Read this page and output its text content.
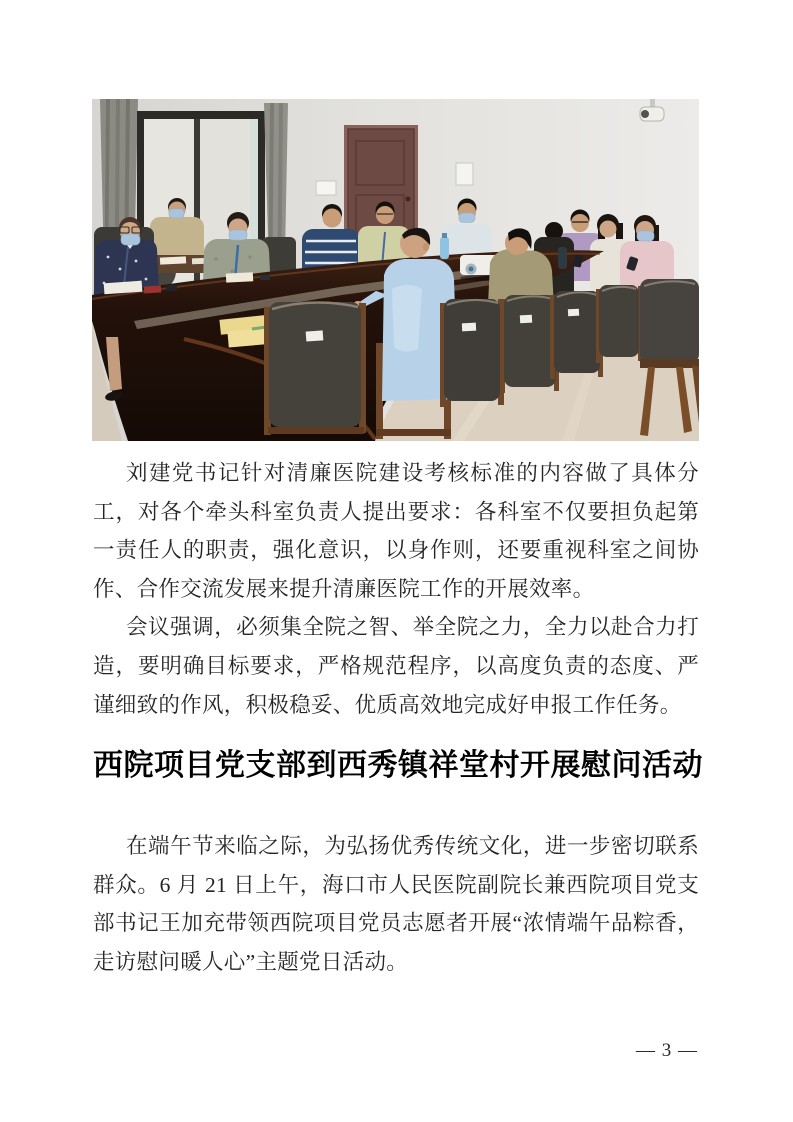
刘建党书记针对清廉医院建设考核标准的内容做了具体分工，对各个牵头科室负责人提出要求：各科室不仅要担负起第一责任人的职责，强化意识，以身作则，还要重视科室之间协作、合作交流发展来提升清廉医院工作的开展效率。

会议强调，必须集全院之智、举全院之力，全力以赴合力打造，要明确目标要求，严格规范程序，以高度负责的态度、严谨细致的作风，积极稳妥、优质高效地完成好申报工作任务。

西院项目党支部到西秀镇祥堂村开展慰问活动

在端午节来临之际，为弘扬优秀传统文化，进一步密切联系群众。6 月 21 日上午，海口市人民医院副院长兼西院项目党支部书记王加充带领西院项目党员志愿者开展“浓情端午品粽香，走访慰问暖人心”主题党日活动。

— 3 —
